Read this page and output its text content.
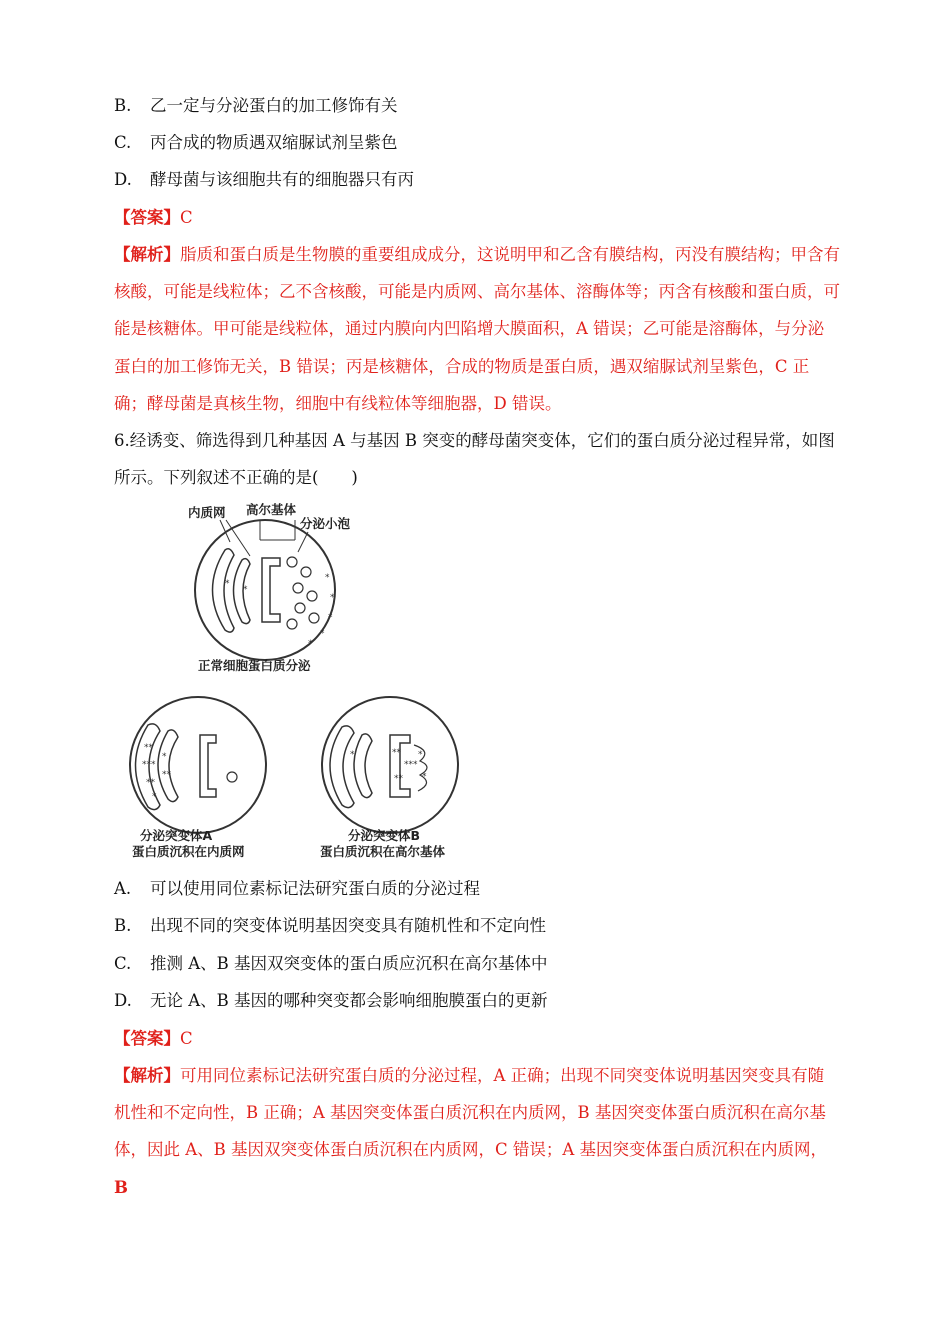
B. 乙一定与分泌蛋白的加工修饰有关
C. 丙合成的物质遇双缩脲试剂呈紫色
D. 酵母菌与该细胞共有的细胞器只有丙
【答案】C
【解析】脂质和蛋白质是生物膜的重要组成成分，这说明甲和乙含有膜结构，丙没有膜结构；甲含有核酸，可能是线粒体；乙不含核酸，可能是内质网、高尔基体、溶酶体等；丙含有核酸和蛋白质，可能是核糖体。甲可能是线粒体，通过内膜向内凹陷增大膜面积，A 错误；乙可能是溶酶体，与分泌蛋白的加工修饰无关，B 错误；丙是核糖体，合成的物质是蛋白质，遇双缩脲试剂呈紫色，C 正确；酵母菌是真核生物，细胞中有线粒体等细胞器，D 错误。
6.经诱变、筛选得到几种基因 A 与基因 B 突变的酵母菌突变体，它们的蛋白质分泌过程异常，如图所示。下列叙述不正确的是(　　)
内质网 高尔基体
分泌小泡
*
*
*
*
*
*
*
正常细胞蛋白质分泌
**
***
**
*
**
*
分泌突变体A
蛋白质沉积在内质网
**
***
**
*
*
*
分泌突变体B
蛋白质沉积在高尔基体
A. 可以使用同位素标记法研究蛋白质的分泌过程
B. 出现不同的突变体说明基因突变具有随机性和不定向性
C. 推测 A、B 基因双突变体的蛋白质应沉积在高尔基体中
D. 无论 A、B 基因的哪种突变都会影响细胞膜蛋白的更新
【答案】C
【解析】可用同位素标记法研究蛋白质的分泌过程，A 正确；出现不同突变体说明基因突变具有随机性和不定向性，B 正确；A 基因突变体蛋白质沉积在内质网，B 基因突变体蛋白质沉积在高尔基体，因此 A、B 基因双突变体蛋白质沉积在内质网，C 错误；A 基因突变体蛋白质沉积在内质网，
B
